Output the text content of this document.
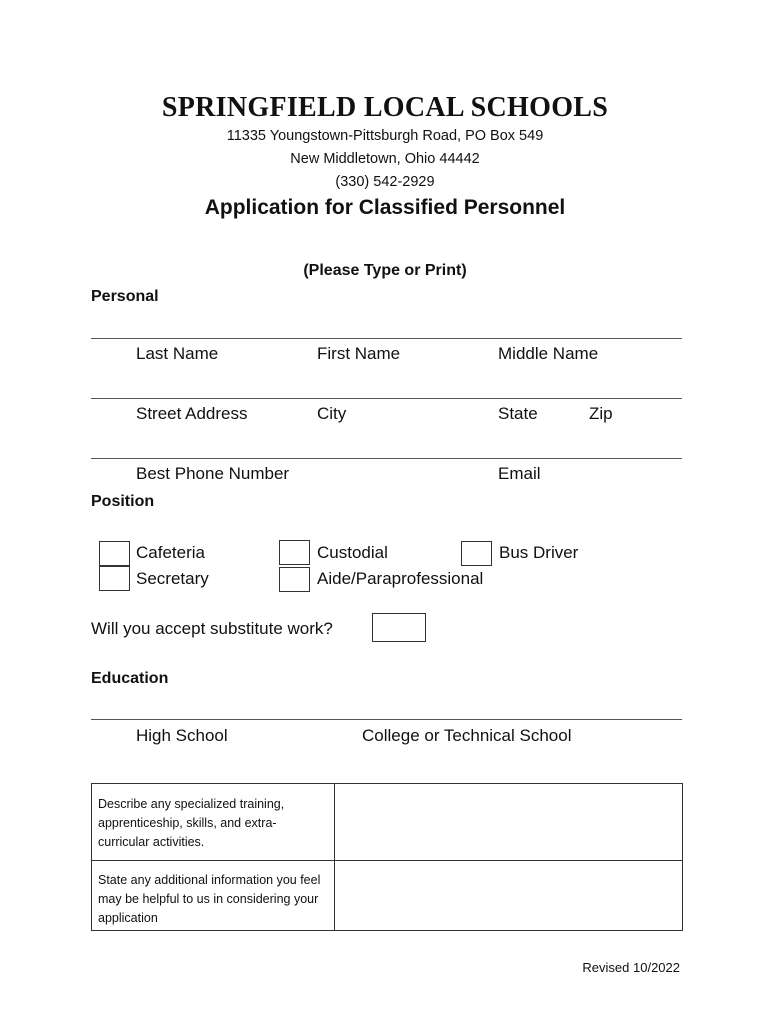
SPRINGFIELD LOCAL SCHOOLS
11335 Youngstown-Pittsburgh Road, PO Box 549
New Middletown, Ohio 44442
(330) 542-2929
Application for Classified Personnel
(Please Type or Print)
Personal
Last Name	First Name	Middle Name
Street Address	City	State	Zip
Best Phone Number	Email
Position
Cafeteria	Custodial	Bus Driver
Secretary	Aide/Paraprofessional
Will you accept substitute work?
Education
High School	College or Technical School
Describe any specialized training, apprenticeship, skills, and extra-curricular activities.
State any additional information you feel may be helpful to us in considering your application
Revised 10/2022
